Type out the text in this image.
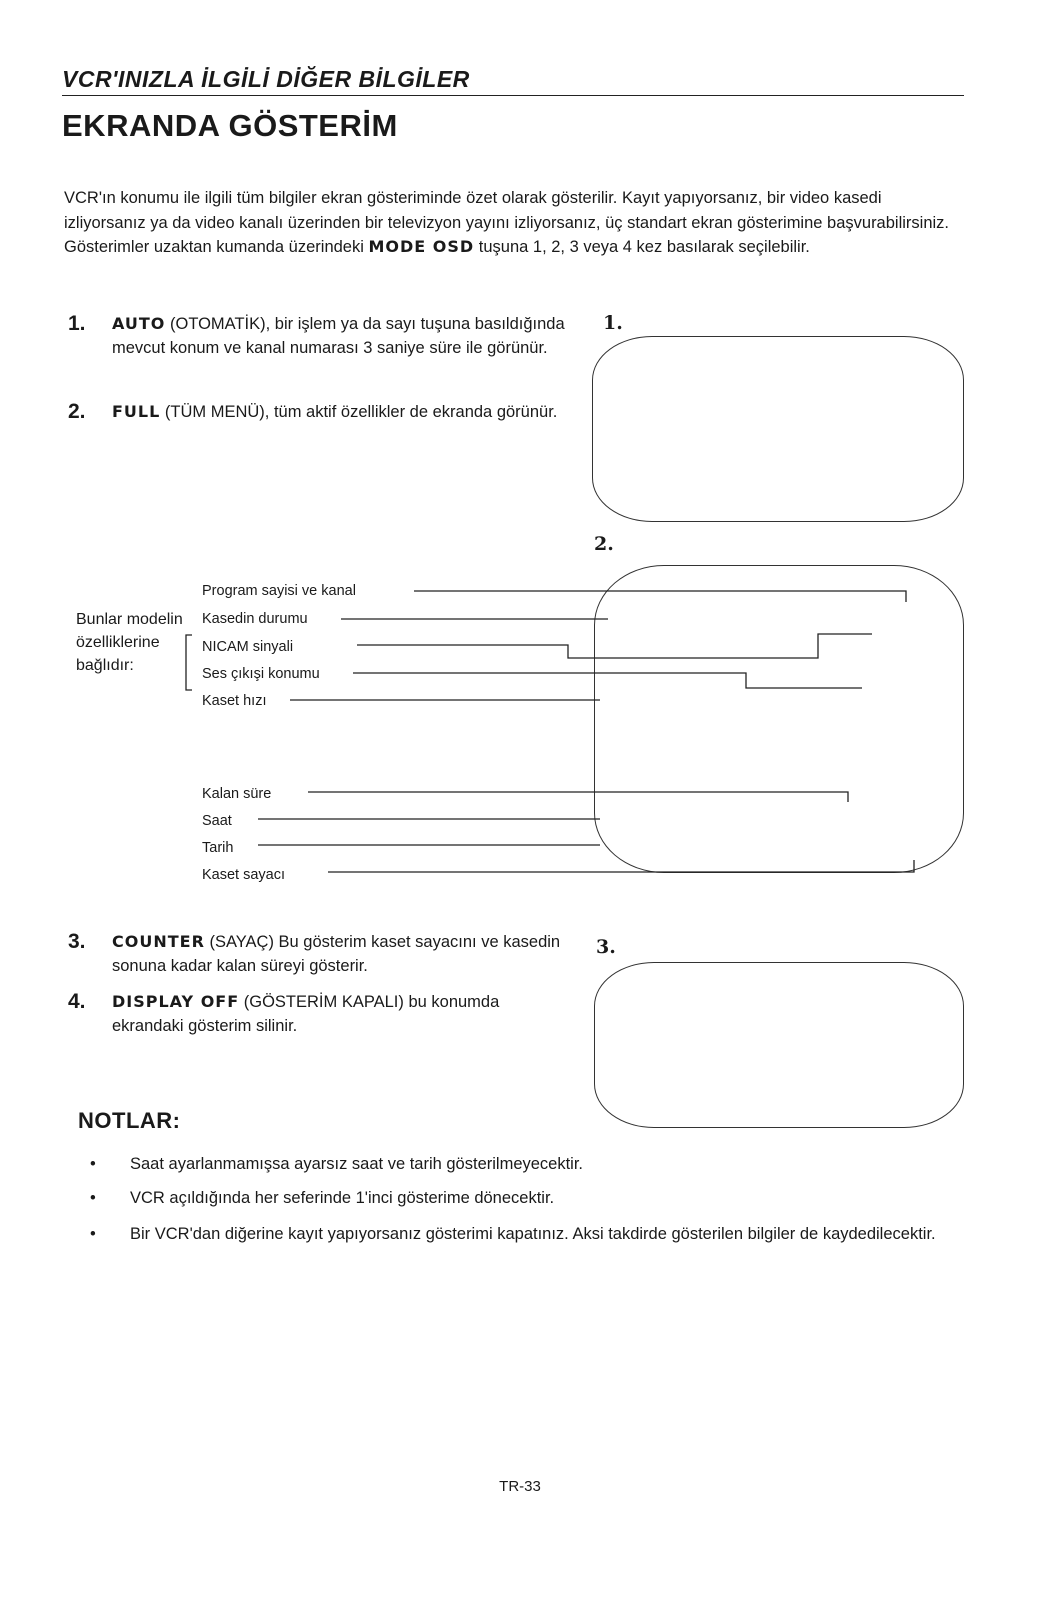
VCR'INIZLA İLGİLİ DİĞER BİLGİLER
EKRANDA GÖSTERİM
VCR'ın konumu ile ilgili tüm bilgiler ekran gösteriminde özet olarak gösterilir. Kayıt yapıyorsanız, bir video kasedi izliyorsanız ya da video kanalı üzerinden bir televizyon yayını izliyorsanız, üç standart ekran gösterimine başvurabilirsiniz. Gösterimler uzaktan kumanda üzerindeki MODE OSD tuşuna 1, 2, 3 veya 4 kez basılarak seçilebilir.
1. AUTO (OTOMATİK), bir işlem ya da sayı tuşuna basıldığında mevcut konum ve kanal numarası 3 saniye süre ile görünür.
2. FULL (TÜM MENÜ), tüm aktif özellikler de ekranda görünür.
1.
2.
Bunlar modelin özelliklerine bağlıdır:
Program sayisi ve kanal
Kasedin durumu
NICAM sinyali
Ses çıkışi konumu
Kaset hızı
Kalan süre
Saat
Tarih
Kaset sayacı
3. COUNTER (SAYAÇ) Bu gösterim kaset sayacını ve kasedin sonuna kadar kalan süreyi gösterir.
4. DISPLAY OFF (GÖSTERİM KAPALI) bu konumda ekrandaki gösterim silinir.
3.
NOTLAR:
• Saat ayarlanmamışsa ayarsız saat ve tarih gösterilmeyecektir.
• VCR açıldığında her seferinde 1'inci gösterime dönecektir.
• Bir VCR'dan diğerine kayıt yapıyorsanız gösterimi kapatınız. Aksi takdirde gösterilen bilgiler de kaydedilecektir.
TR-33
